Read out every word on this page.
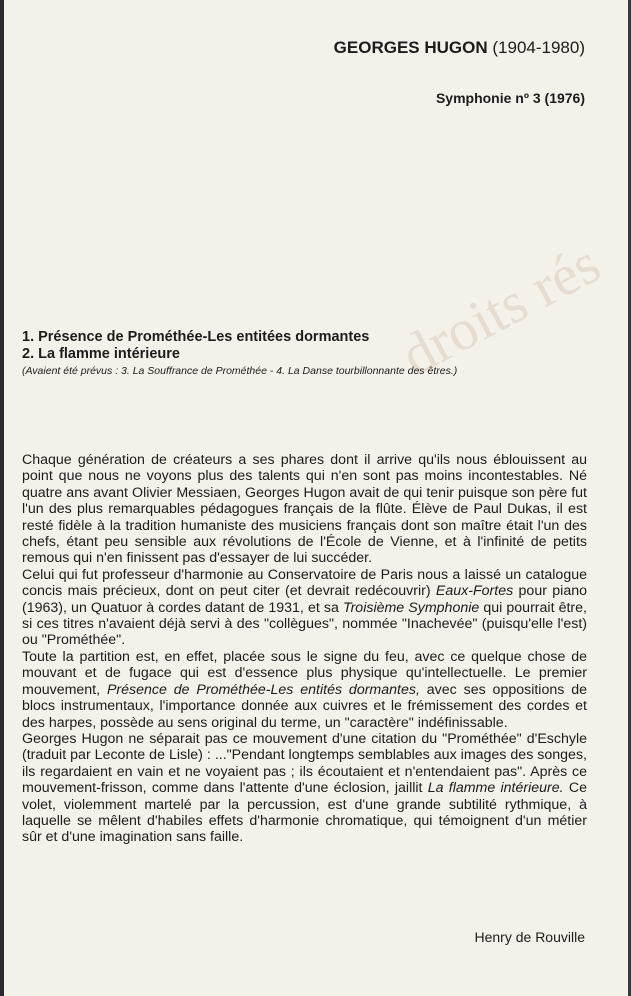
droits rés
GEORGES HUGON (1904-1980)
Symphonie nº 3 (1976)
1. Présence de Prométhée-Les entitées dormantes
2. La flamme intérieure
(Avaient été prévus : 3. La Souffrance de Prométhée - 4. La Danse tourbillonnante des êtres.)

Chaque génération de créateurs a ses phares dont il arrive qu'ils nous éblouissent au point que nous ne voyons plus des talents qui n'en sont pas moins incontestables. Né quatre ans avant Olivier Messiaen, Georges Hugon avait de qui tenir puisque son père fut l'un des plus remarquables pédagogues français de la flûte. Élève de Paul Dukas, il est resté fidèle à la tradition humaniste des musiciens français dont son maître était l'un des chefs, étant peu sensible aux révolutions de l'École de Vienne, et à l'infinité de petits remous qui n'en finissent pas d'essayer de lui succéder.

Celui qui fut professeur d'harmonie au Conservatoire de Paris nous a laissé un catalogue concis mais précieux, dont on peut citer (et devrait redécouvrir) Eaux-Fortes pour piano (1963), un Quatuor à cordes datant de 1931, et sa Troisième Symphonie qui pourrait être, si ces titres n'avaient déjà servi à des "collègues", nommée "Inachevée" (puisqu'elle l'est) ou "Prométhée".

Toute la partition est, en effet, placée sous le signe du feu, avec ce quelque chose de mouvant et de fugace qui est d'essence plus physique qu'intellectuelle. Le premier mouvement, Présence de Prométhée-Les entités dormantes, avec ses oppositions de blocs instrumentaux, l'importance donnée aux cuivres et le frémissement des cordes et des harpes, possède au sens original du terme, un "caractère" indéfinissable.

Georges Hugon ne séparait pas ce mouvement d'une citation du "Prométhée" d'Eschyle (traduit par Leconte de Lisle) : ..."Pendant longtemps semblables aux images des songes, ils regardaient en vain et ne voyaient pas ; ils écoutaient et n'entendaient pas". Après ce mouvement-frisson, comme dans l'attente d'une éclosion, jaillit La flamme intérieure. Ce volet, violemment martelé par la percussion, est d'une grande subtilité rythmique, à laquelle se mêlent d'habiles effets d'harmonie chromatique, qui témoignent d'un métier sûr et d'une imagination sans faille.

Henry de Rouville
